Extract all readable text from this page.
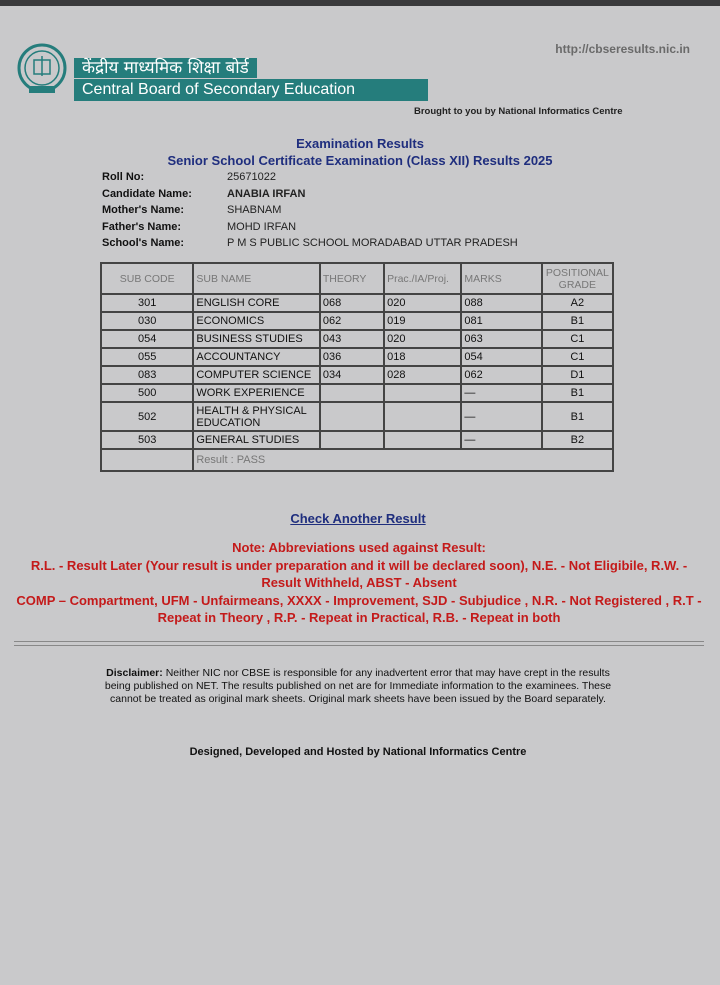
http://cbseresults.nic.in
केंद्रीय माध्यमिक शिक्षा बोर्ड
Central Board of Secondary Education
Brought to you by National Informatics Centre
Examination Results
Senior School Certificate Examination (Class XII) Results 2025
Roll No:	25671022
Candidate Name:	ANABIA IRFAN
Mother's Name:	SHABNAM
Father's Name:	MOHD IRFAN
School's Name:	P M S PUBLIC SCHOOL MORADABAD UTTAR PRADESH
SUB CODE	SUB NAME	THEORY	Prac./IA/Proj.	MARKS	POSITIONAL GRADE
301	ENGLISH CORE	068	020	088	A2
030	ECONOMICS	062	019	081	B1
054	BUSINESS STUDIES	043	020	063	C1
055	ACCOUNTANCY	036	018	054	C1
083	COMPUTER SCIENCE	034	028	062	D1
500	WORK EXPERIENCE			—	B1
502	HEALTH & PHYSICAL EDUCATION			—	B1
503	GENERAL STUDIES			—	B2
	Result : PASS				
Check Another Result
Note: Abbreviations used against Result:
R.L. - Result Later (Your result is under preparation and it will be declared soon), N.E. - Not Eligibile, R.W. - Result Withheld, ABST - Absent
COMP – Compartment, UFM - Unfairmeans, XXXX - Improvement, SJD - Subjudice , N.R. - Not Registered , R.T - Repeat in Theory , R.P. - Repeat in Practical, R.B. - Repeat in both
Disclaimer: Neither NIC nor CBSE is responsible for any inadvertent error that may have crept in the results being published on NET. The results published on net are for Immediate information to the examinees. These cannot be treated as original mark sheets. Original mark sheets have been issued by the Board separately.
Designed, Developed and Hosted by National Informatics Centre
